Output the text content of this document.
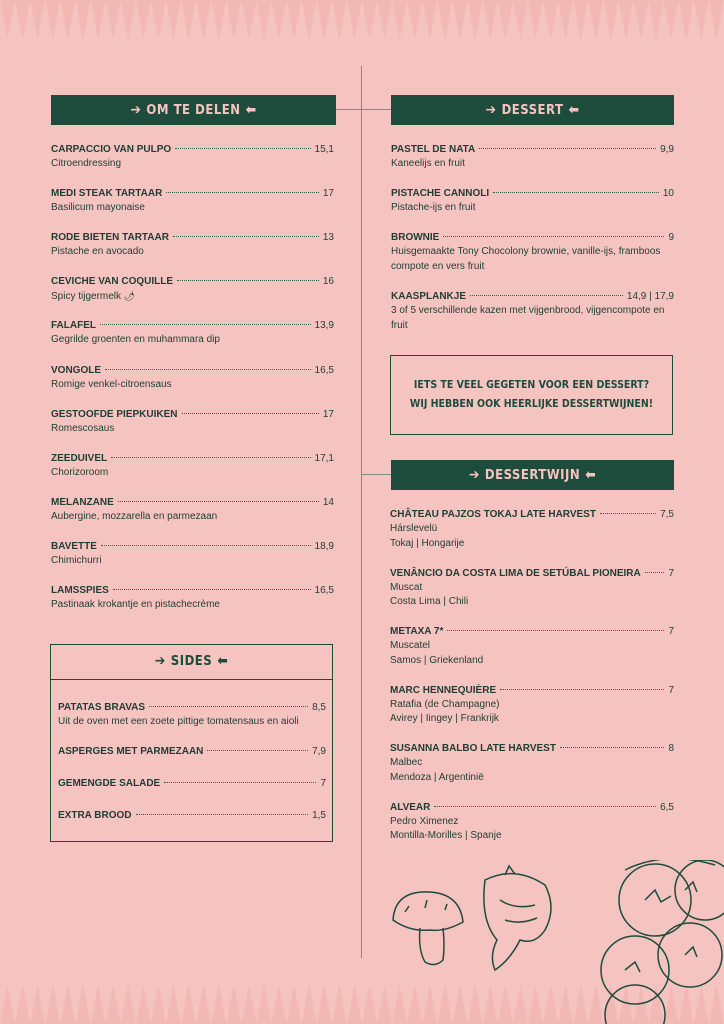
➔ OM TE DELEN ⬅
CARPACCIO VAN PULPO	15,1
Citroendressing
MEDI STEAK TARTAAR	17
Basilicum mayonaise
RODE BIETEN TARTAAR	13
Pistache en avocado
CEVICHE VAN COQUILLE	16
Spicy tijgermelk 🌶
FALAFEL	13,9
Gegrilde groenten en muhammara dip
VONGOLE	16,5
Romige venkel-citroensaus
GESTOOFDE PIEPKUIKEN	17
Romescosaus
ZEEDUIVEL	17,1
Chorizoroom
MELANZANE	14
Aubergine, mozzarella en parmezaan
BAVETTE	18,9
Chimichurri
LAMSSPIES	16,5
Pastinaak krokantje en pistachecrème
➔ SIDES ⬅
PATATAS BRAVAS	8,5
Uit de oven met een zoete pittige tomatensaus en aioli
ASPERGES MET PARMEZAAN	7,9
GEMENGDE SALADE	7
EXTRA BROOD	1,5
➔ DESSERT ⬅
PASTEL DE NATA	9,9
Kaneelijs en fruit
PISTACHE CANNOLI	10
Pistache-ijs en fruit
BROWNIE	9
Huisgemaakte Tony Chocolony brownie, vanille-ijs, framboos compote en vers fruit
KAASPLANKJE	14,9 | 17,9
3 of 5 verschillende kazen met vijgenbrood, vijgencompote en fruit
IETS TE VEEL GEGETEN VOOR EEN DESSERT?
WIJ HEBBEN OOK HEERLIJKE DESSERTWIJNEN!
➔ DESSERTWIJN ⬅
CHÂTEAU PAJZOS TOKAJ LATE HARVEST	7,5
Hárslevelü
Tokaj | Hongarije
VENÂNCIO DA COSTA LIMA DE SETÚBAL PIONEIRA	7
Muscat
Costa Lima | Chili
METAXA 7*	7
Muscatel
Samos | Griekenland
MARC HENNEQUIÈRE	7
Ratafia (de Champagne)
Avirey | Iingey | Frankrijk
SUSANNA BALBO LATE HARVEST	8
Malbec
Mendoza | Argentinië
ALVEAR	6,5
Pedro Ximenez
Montilla-Morilles | Spanje
